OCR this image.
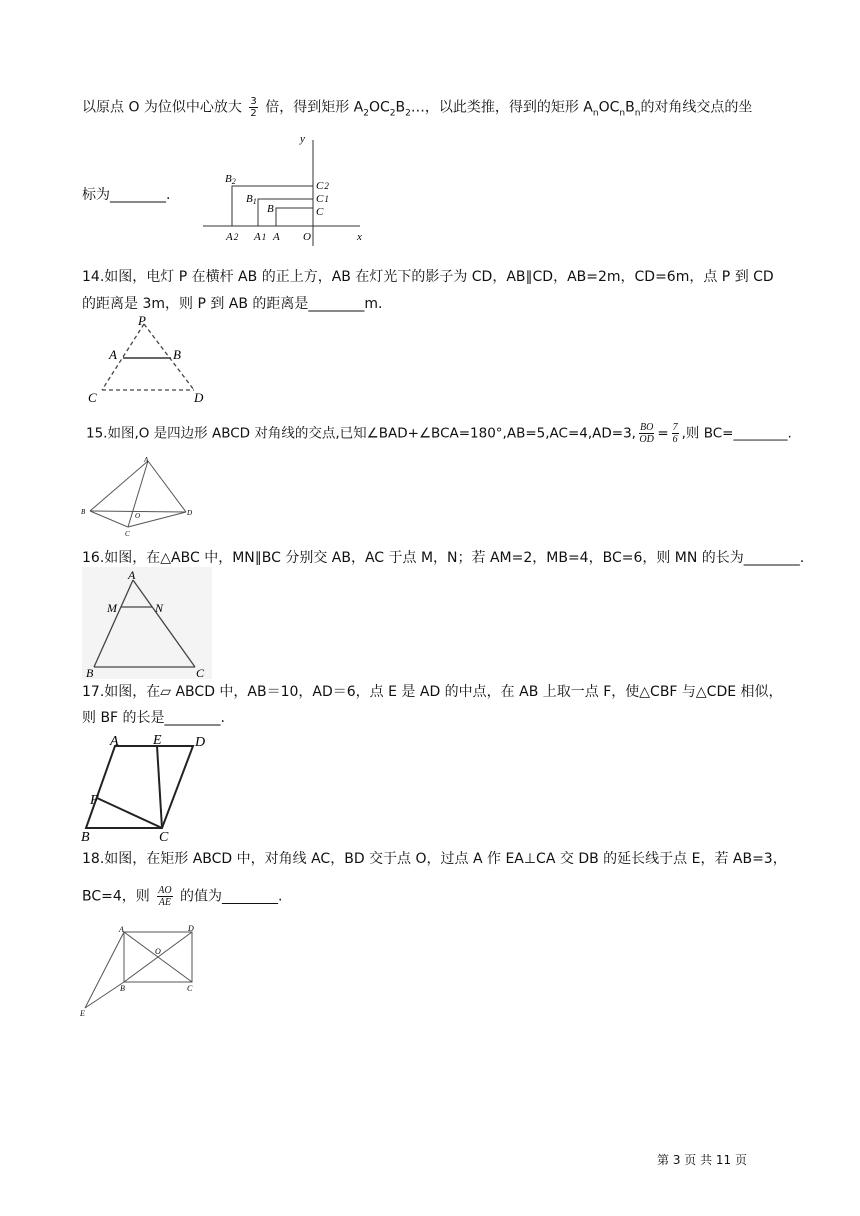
以原点 O 为位似中心放大 $\frac{3}{2}$ 倍，得到矩形 $A_2OC_2B_2\dots$，以此类推，得到的矩形 $A_nOC_nB_n$的对角线交点的坐
标为________.
y
x
B2	C2
B1	C1
B	C
A2 A1 A O
14.如图，电灯 P 在横杆 AB 的正上方，AB 在灯光下的影子为 CD，AB∥CD，AB=2m，CD=6m，点 P 到 CD
的距离是 3m，则 P 到 AB 的距离是________m.
P
A	B
C	D
15.如图,O 是四边形 ABCD 对角线的交点,已知∠BAD+∠BCA=180°,AB=5,AC=4,AD=3, $\frac{BO}{OD} = \frac{7}{6}$ ,则 BC=________.
A
B	O
C
D
16.如图，在△ABC 中，MN∥BC 分别交 AB，AC 于点 M，N；若 AM=2，MB=4，BC=6，则 MN 的长为________.
A
M	N
B	C
17.如图，在▱ ABCD 中，AB＝10，AD＝6，点 E 是 AD 的中点，在 AB 上取一点 F，使△CBF 与△CDE 相似，
则 BF 的长是________.
A E D
F
B	C
18.如图，在矩形 ABCD 中，对角线 AC，BD 交于点 O，过点 A 作 EA⊥CA 交 DB 的延长线于点 E，若 AB=3，
BC=4，则 $\frac{AO}{AE}$ 的值为________.
A	D
O
B	C
E
第 3 页 共 11 页
